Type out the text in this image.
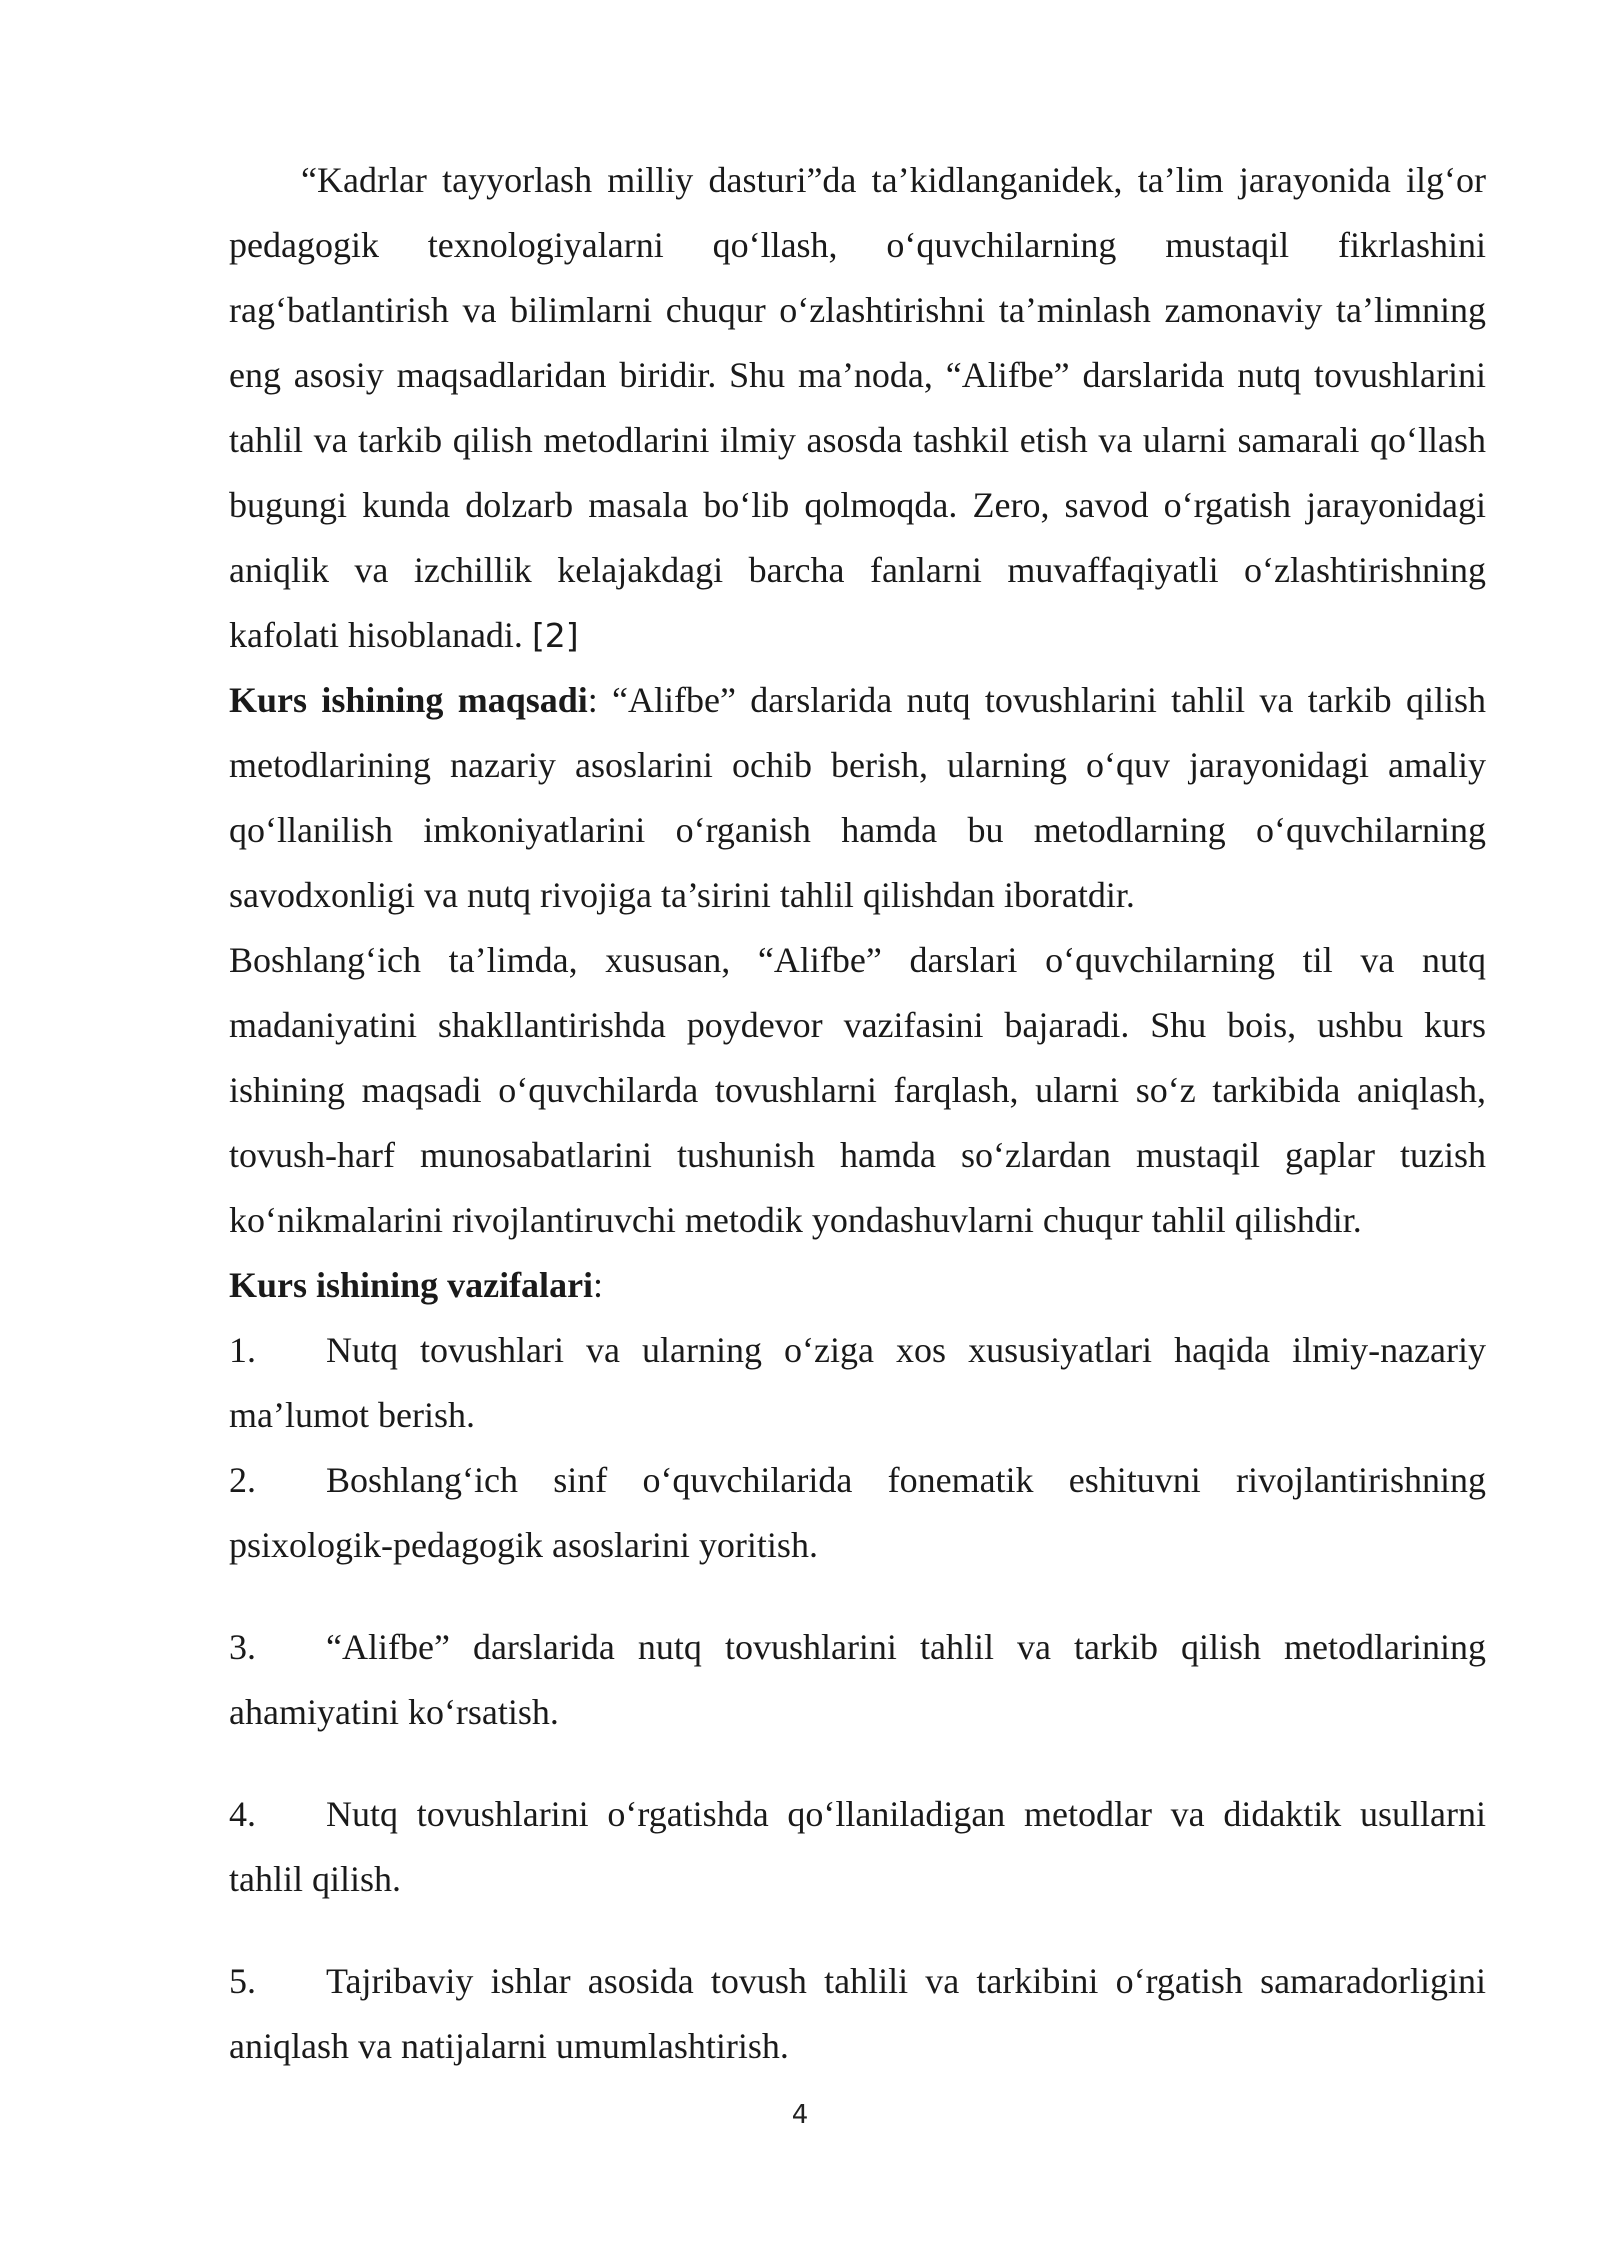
“Kadrlar tayyorlash milliy dasturi”da ta’kidlanganidek, ta’lim jarayonida ilg‘or pedagogik texnologiyalarni qo‘llash, o‘quvchilarning mustaqil fikrlashini rag‘batlantirish va bilimlarni chuqur o‘zlashtirishni ta’minlash zamonaviy ta’limning eng asosiy maqsadlaridan biridir. Shu ma’noda, “Alifbe” darslarida nutq tovushlarini tahlil va tarkib qilish metodlarini ilmiy asosda tashkil etish va ularni samarali qo‘llash bugungi kunda dolzarb masala bo‘lib qolmoqda. Zero, savod o‘rgatish jarayonidagi aniqlik va izchillik kelajakdagi barcha fanlarni muvaffaqiyatli o‘zlashtirishning kafolati hisoblanadi. [2]

Kurs ishining maqsadi: “Alifbe” darslarida nutq tovushlarini tahlil va tarkib qilish metodlarining nazariy asoslarini ochib berish, ularning o‘quv jarayonidagi amaliy qo‘llanilish imkoniyatlarini o‘rganish hamda bu metodlarning o‘quvchilarning savodxonligi va nutq rivojiga ta’sirini tahlil qilishdan iboratdir.

Boshlang‘ich ta’limda, xususan, “Alifbe” darslari o‘quvchilarning til va nutq madaniyatini shakllantirishda poydevor vazifasini bajaradi. Shu bois, ushbu kurs ishining maqsadi o‘quvchilarda tovushlarni farqlash, ularni so‘z tarkibida aniqlash, tovush-harf munosabatlarini tushunish hamda so‘zlardan mustaqil gaplar tuzish ko‘nikmalarini rivojlantiruvchi metodik yondashuvlarni chuqur tahlil qilishdir.

Kurs ishining vazifalari:

1. Nutq tovushlari va ularning o‘ziga xos xususiyatlari haqida ilmiy-nazariy ma’lumot berish.

2. Boshlang‘ich sinf o‘quvchilarida fonematik eshituvni rivojlantirishning psixologik-pedagogik asoslarini yoritish.

3. “Alifbe” darslarida nutq tovushlarini tahlil va tarkib qilish metodlarining ahamiyatini ko‘rsatish.

4. Nutq tovushlarini o‘rgatishda qo‘llaniladigan metodlar va didaktik usullarni tahlil qilish.

5. Tajribaviy ishlar asosida tovush tahlili va tarkibini o‘rgatish samaradorligini aniqlash va natijalarni umumlashtirish.

4
